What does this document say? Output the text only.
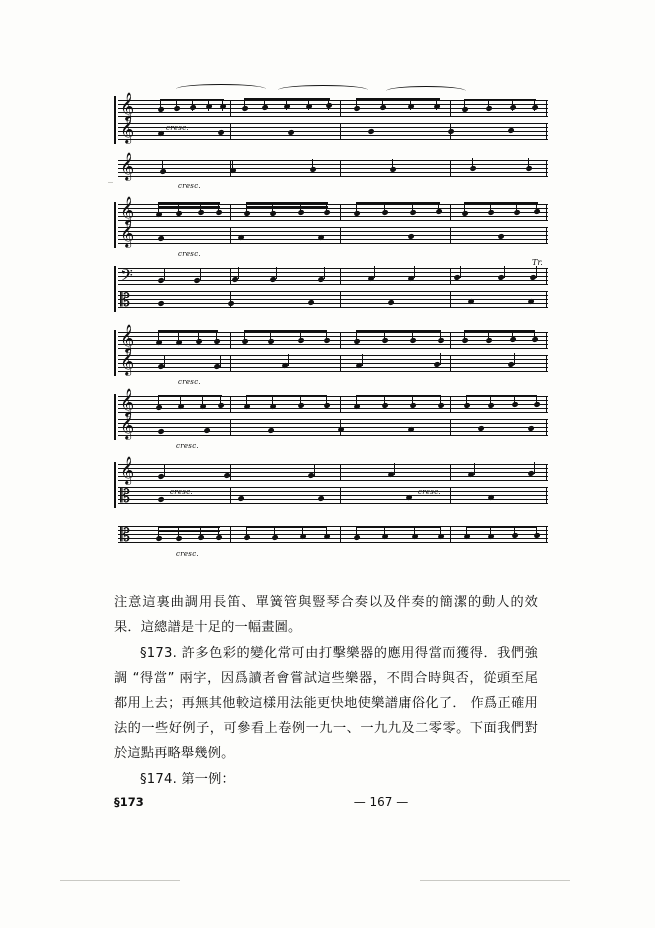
𝄞
𝄞	cresc.
𝄞
cresc.
𝄞
𝄞
cresc.
𝄢
𝄡
Tr.
𝄞
𝄞
cresc.
𝄞
𝄞
cresc.
𝄞
𝄡	cresc.	cresc.
𝄡
cresc.

注意這裏曲調用長笛、單簧管與豎琴合奏以及伴奏的簡潔的動人的效果．這總譜是十足的一幅畫圖。

§173. 許多色彩的變化常可由打擊樂器的應用得當而獲得．我們強調 “得當” 兩字，因爲讀者會嘗試這些樂器，不問合時與否，從頭至尾都用上去；再無其他較這樣用法能更快地使樂譜庸俗化了． 作爲正確用法的一些好例子，可參看上卷例一九一、一九九及二零零。下面我們對於這點再略舉幾例。

§174. 第一例：

§173	— 167 —
